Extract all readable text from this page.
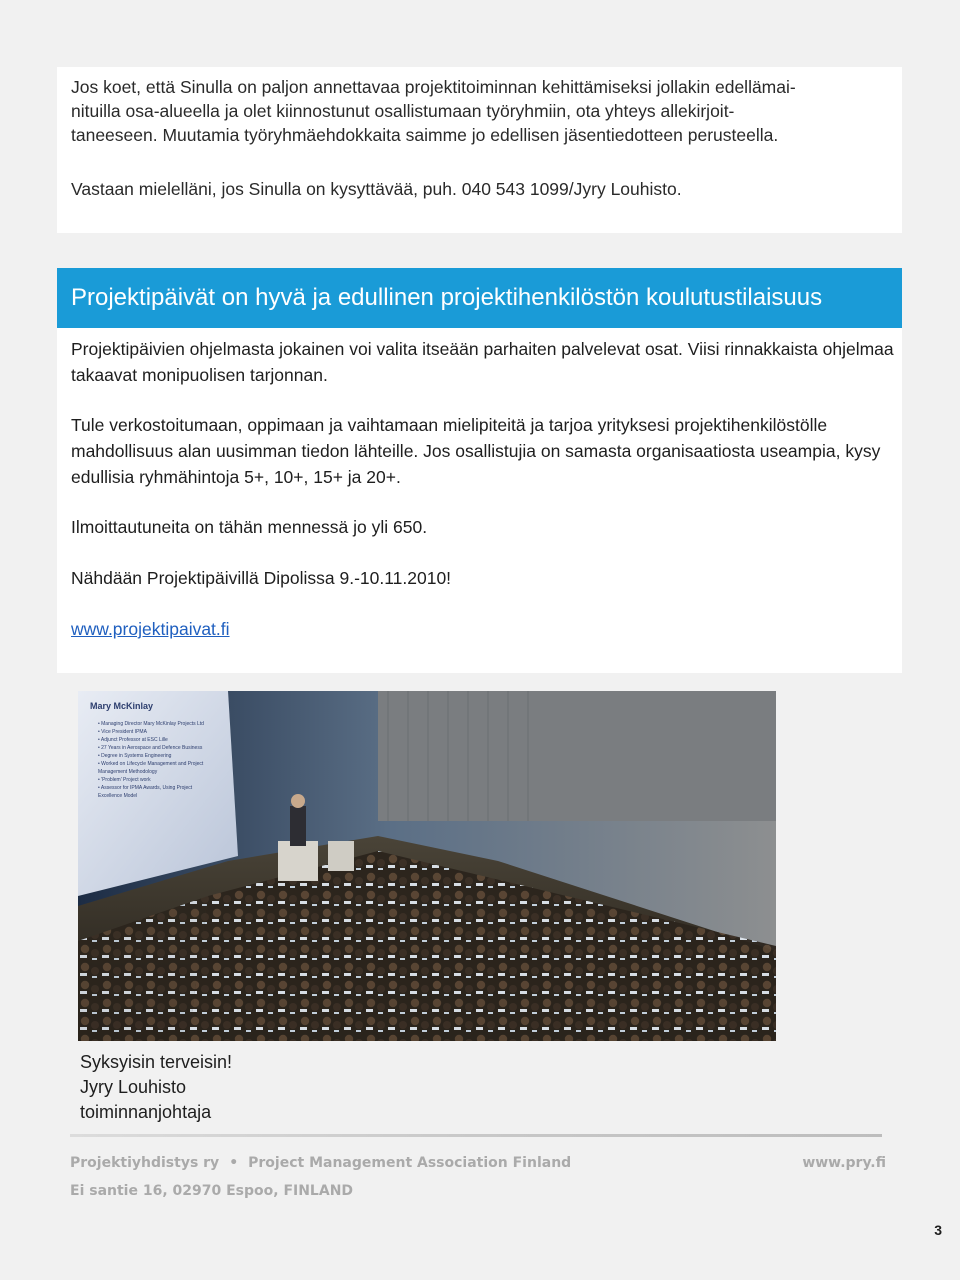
Jos koet, että Sinulla on paljon annettavaa projektitoiminnan kehittämiseksi jollakin edellämai-

nituilla osa-alueella ja olet kiinnostunut osallistumaan työryhmiin, ota yhteys allekirjoit-

taneeseen. Muutamia työryhmäehdokkaita saimme jo edellisen jäsentiedotteen perusteella.

Vastaan mielelläni, jos Sinulla on kysyttävää, puh. 040 543 1099/Jyry Louhisto.

Projektipäivät on hyvä ja edullinen projektihenkilöstön koulutustilaisuus

Projektipäivien ohjelmasta jokainen voi valita itseään parhaiten palvelevat osat. Viisi rinnakkaista ohjelmaa takaavat monipuolisen tarjonnan.

Tule verkostoitumaan, oppimaan ja vaihtamaan mielipiteitä ja tarjoa yrityksesi projektihenkilöstölle mahdollisuus alan uusimman tiedon lähteille. Jos osallistujia on samasta organisaatiosta useampia, kysy edullisia ryhmähintoja 5+, 10+, 15+ ja 20+.

Ilmoittautuneita on tähän mennessä jo yli 650.

Nähdään Projektipäivillä Dipolissa 9.-10.11.2010!

www.projektipaivat.fi

Mary McKinlay
• Managing Director Mary McKinlay Projects Ltd
• Vice President IPMA
• Adjunct Professor at ESC Lille
• 27 Years in Aerospace and Defence Business
• Degree in Systems Engineering
• Worked on Lifecycle Management and Project
Management Methodology
• 'Problem' Project work
• Assessor for IPMA Awards, Using Project
Excellence Model
Syksyisin terveisin!
Jyry Louhisto
toiminnanjohtaja
Projektiyhdistys ry • Project Management Association Finland	www.pry.fi
Ei santie 16, 02970 Espoo, FINLAND
3
